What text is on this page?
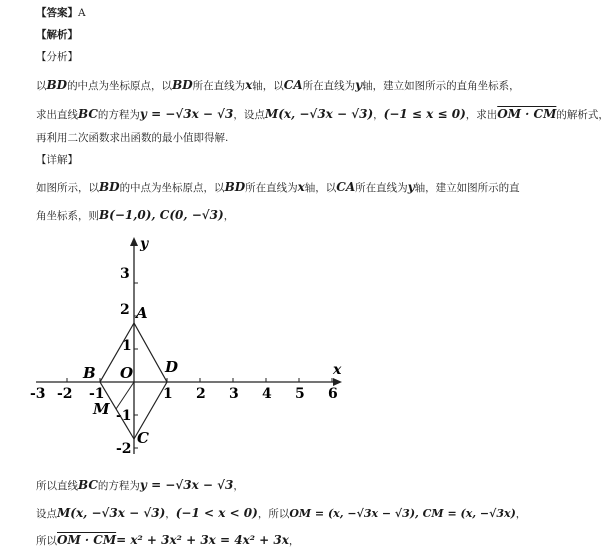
【答案】A
【解析】
【分析】
以BD的中点为坐标原点，以BD所在直线为x轴，以CA所在直线为y轴，建立如图所示的直角坐标系，
求出直线BC的方程为y = −√3x − √3，设点M(x, −√3x − √3)，(−1 ≤ x ≤ 0)，求出OM · CM的解析式，
再利用二次函数求出函数的最小值即得解.
【详解】
如图所示，以BD的中点为坐标原点，以BD所在直线为x轴，以CA所在直线为y轴，建立如图所示的直
角坐标系，则B(−1,0), C(0, −√3)，
x
y
-3 -2 -1	1 2 3 4 5 6
3
2
1
-1
-2
A
B	D
O
M
C
所以直线BC的方程为y = −√3x − √3，
设点M(x, −√3x − √3)，(−1 < x < 0)，所以OM = (x, −√3x − √3), CM = (x, −√3x)，
所以OM · CM= x² + 3x² + 3x = 4x² + 3x，
